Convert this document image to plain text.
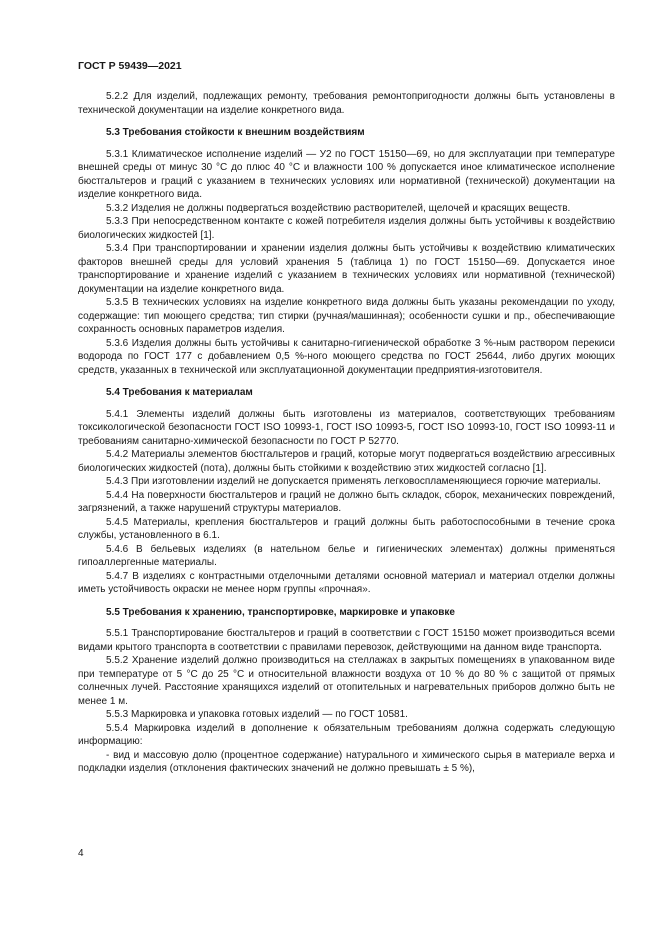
ГОСТ Р 59439—2021

5.2.2 Для изделий, подлежащих ремонту, требования ремонтопригодности должны быть установлены в технической документации на изделие конкретного вида.

5.3 Требования стойкости к внешним воздействиям

5.3.1 Климатическое исполнение изделий — У2 по ГОСТ 15150—69, но для эксплуатации при температуре внешней среды от минус 30 °С до плюс 40 °С и влажности 100 % допускается иное климатическое исполнение бюстгальтеров и граций с указанием в технических условиях или нормативной (технической) документации на изделие конкретного вида.

5.3.2 Изделия не должны подвергаться воздействию растворителей, щелочей и красящих веществ.

5.3.3 При непосредственном контакте с кожей потребителя изделия должны быть устойчивы к воздействию биологических жидкостей [1].

5.3.4 При транспортировании и хранении изделия должны быть устойчивы к воздействию климатических факторов внешней среды для условий хранения 5 (таблица 1) по ГОСТ 15150—69. Допускается иное транспортирование и хранение изделий с указанием в технических условиях или нормативной (технической) документации на изделие конкретного вида.

5.3.5 В технических условиях на изделие конкретного вида должны быть указаны рекомендации по уходу, содержащие: тип моющего средства; тип стирки (ручная/машинная); особенности сушки и пр., обеспечивающие сохранность основных параметров изделия.

5.3.6 Изделия должны быть устойчивы к санитарно-гигиенической обработке 3 %-ным раствором перекиси водорода по ГОСТ 177 с добавлением 0,5 %-ного моющего средства по ГОСТ 25644, либо других моющих средств, указанных в технической или эксплуатационной документации предприятия-изготовителя.

5.4 Требования к материалам

5.4.1 Элементы изделий должны быть изготовлены из материалов, соответствующих требованиям токсикологической безопасности ГОСТ ISO 10993-1, ГОСТ ISO 10993-5, ГОСТ ISO 10993-10, ГОСТ ISO 10993-11 и требованиям санитарно-химической безопасности по ГОСТ Р 52770.

5.4.2 Материалы элементов бюстгальтеров и граций, которые могут подвергаться воздействию агрессивных биологических жидкостей (пота), должны быть стойкими к воздействию этих жидкостей согласно [1].

5.4.3 При изготовлении изделий не допускается применять легковоспламеняющиеся горючие материалы.

5.4.4 На поверхности бюстгальтеров и граций не должно быть складок, сборок, механических повреждений, загрязнений, а также нарушений структуры материалов.

5.4.5 Материалы, крепления бюстгальтеров и граций должны быть работоспособными в течение срока службы, установленного в 6.1.

5.4.6 В бельевых изделиях (в нательном белье и гигиенических элементах) должны применяться гипоаллергенные материалы.

5.4.7 В изделиях с контрастными отделочными деталями основной материал и материал отделки должны иметь устойчивость окраски не менее норм группы «прочная».

5.5 Требования к хранению, транспортировке, маркировке и упаковке

5.5.1 Транспортирование бюстгальтеров и граций в соответствии с ГОСТ 15150 может производиться всеми видами крытого транспорта в соответствии с правилами перевозок, действующими на данном виде транспорта.

5.5.2 Хранение изделий должно производиться на стеллажах в закрытых помещениях в упакованном виде при температуре от 5 °С до 25 °С и относительной влажности воздуха от 10 % до 80 % с защитой от прямых солнечных лучей. Расстояние хранящихся изделий от отопительных и нагревательных приборов должно быть не менее 1 м.

5.5.3 Маркировка и упаковка готовых изделий — по ГОСТ 10581.

5.5.4 Маркировка изделий в дополнение к обязательным требованиям должна содержать следующую информацию:

- вид и массовую долю (процентное содержание) натурального и химического сырья в материале верха и подкладки изделия (отклонения фактических значений не должно превышать ± 5 %),

4
